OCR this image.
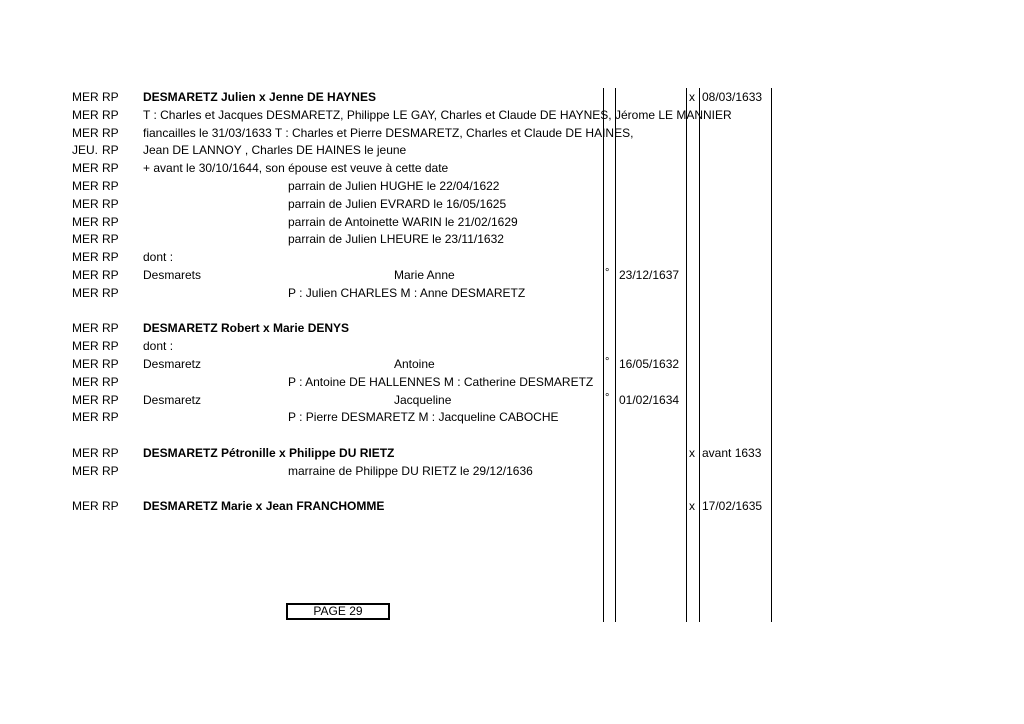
MER RP DESMARETZ Julien x Jenne DE HAYNES	x 08/03/1633
MER RP T : Charles et Jacques DESMARETZ, Philippe LE GAY, Charles et Claude DE HAYNES, Jérome LE MANNIER
MER RP fiancailles le 31/03/1633 T : Charles et Pierre DESMARETZ, Charles et Claude DE HAINES,
JEU. RP Jean DE LANNOY , Charles DE HAINES le jeune
MER RP + avant le 30/10/1644, son épouse est veuve à cette date
MER RP	parrain de Julien HUGHE le 22/04/1622
MER RP	parrain de Julien EVRARD le 16/05/1625
MER RP	parrain de Antoinette WARIN le 21/02/1629
MER RP	parrain de Julien LHEURE le 23/11/1632
MER RP dont :
MER RP Desmarets	Marie Anne	° 23/12/1637
MER RP	P : Julien CHARLES M : Anne DESMARETZ
MER RP DESMARETZ Robert x Marie DENYS
MER RP dont :
MER RP Desmaretz	Antoine	° 16/05/1632
MER RP	P : Antoine DE HALLENNES M : Catherine DESMARETZ
MER RP Desmaretz	Jacqueline	° 01/02/1634
MER RP	P : Pierre DESMARETZ M : Jacqueline CABOCHE
MER RP DESMARETZ Pétronille x Philippe DU RIETZ	x avant 1633
MER RP	marraine de Philippe DU RIETZ le 29/12/1636
MER RP DESMARETZ Marie x Jean FRANCHOMME	x 17/02/1635
PAGE 29
